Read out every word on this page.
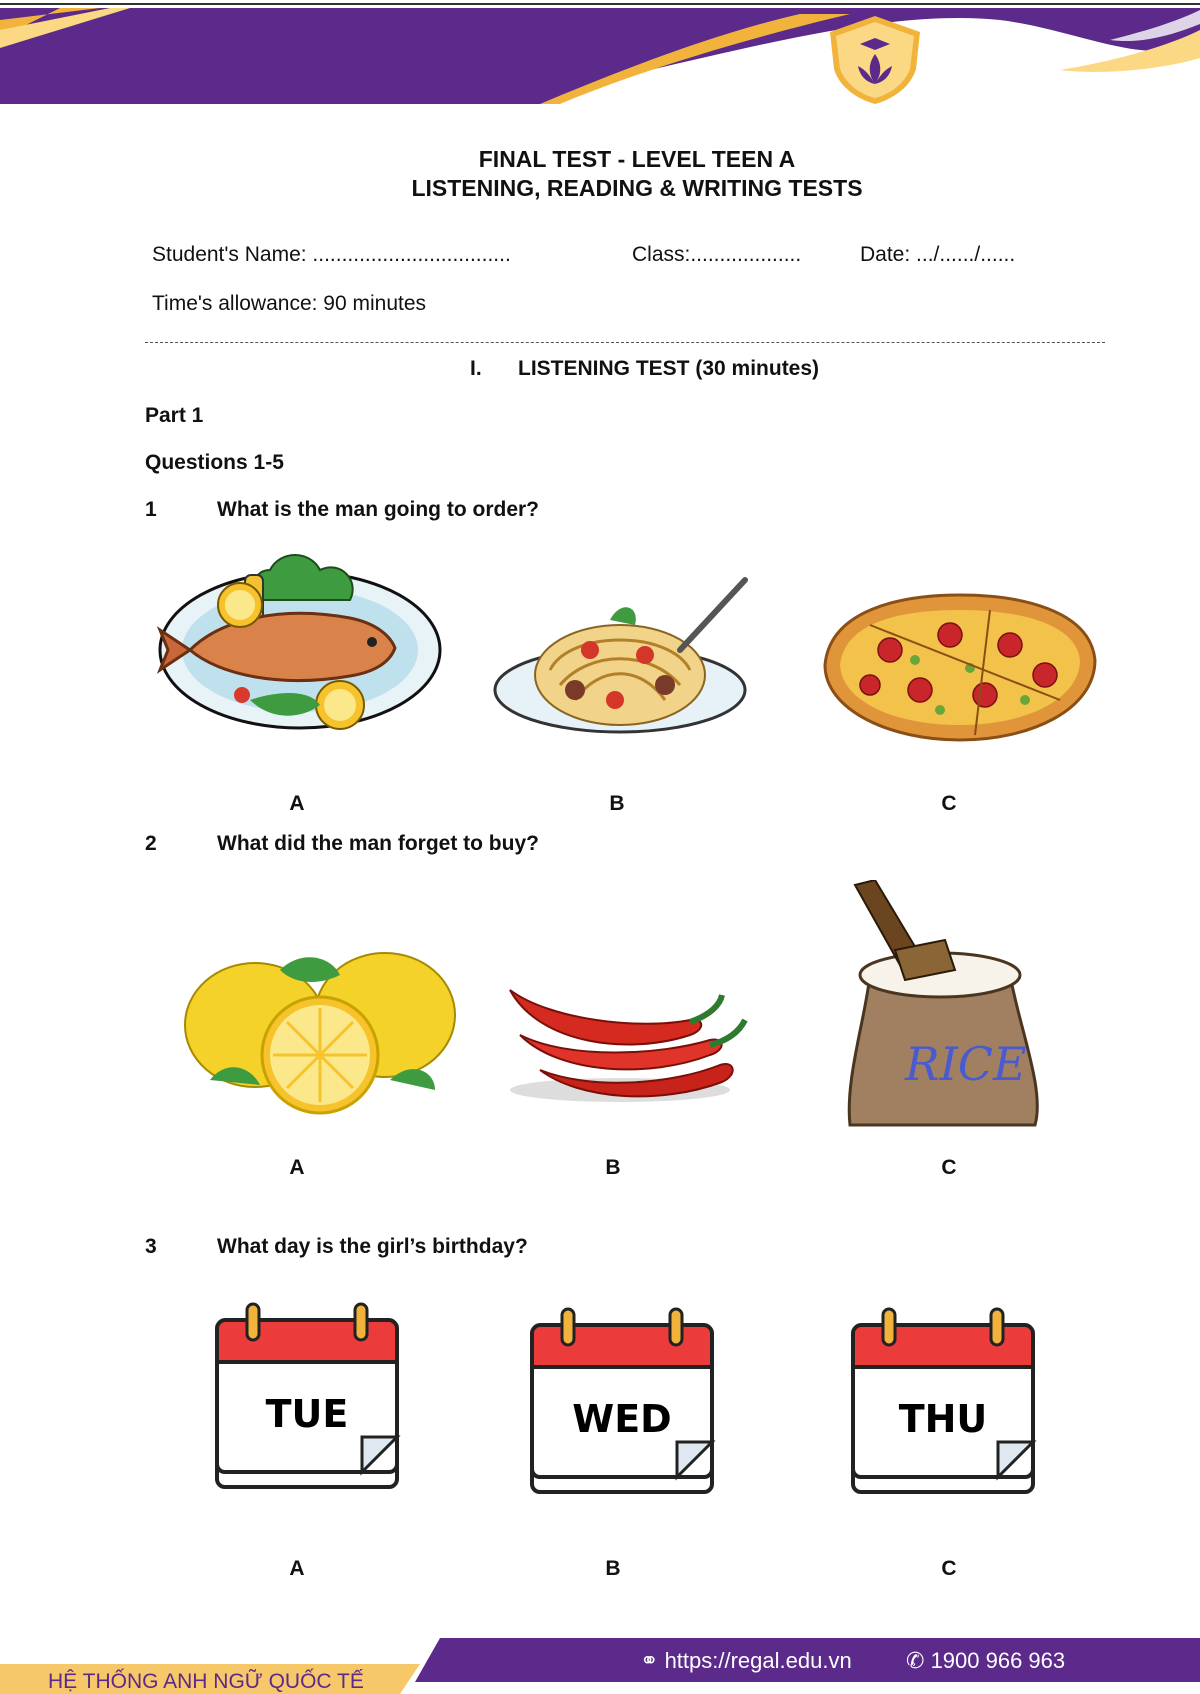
FINAL TEST - LEVEL TEEN A
LISTENING, READING & WRITING TESTS
Student's Name: ..................................	Class:...................	Date: .../....../......
Time's allowance: 90 minutes
I. LISTENING TEST (30 minutes)
Part 1
Questions 1-5
1	What is the man going to order?
A	B	C
2	What did the man forget to buy?
RICE
A	B	C
3	What day is the girl’s birthday?
TUE	WED	THU
A	B	C
HỆ THỐNG ANH NGỮ QUỐC TẾ
⚭ https://regal.edu.vn ✆ 1900 966 963
